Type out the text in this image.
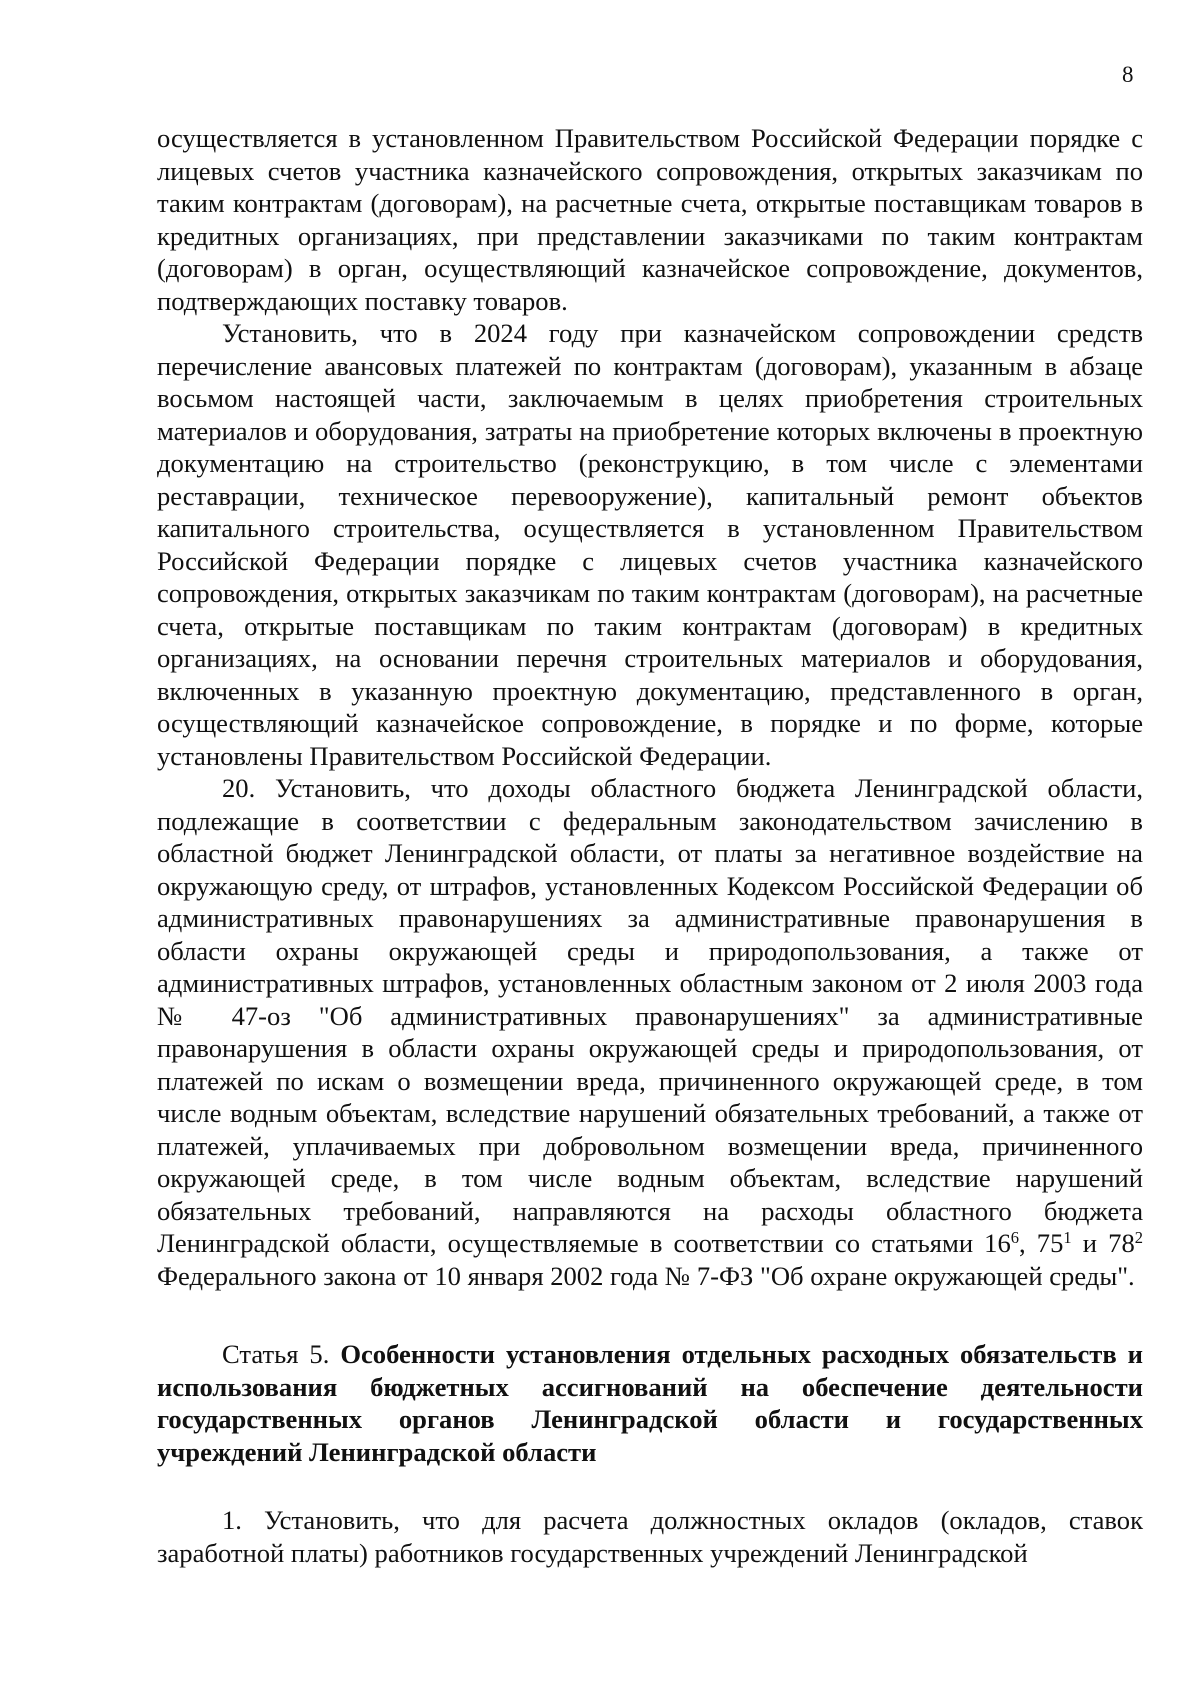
8

осуществляется в установленном Правительством Российской Федерации порядке с лицевых счетов участника казначейского сопровождения, открытых заказчикам по таким контрактам (договорам), на расчетные счета, открытые поставщикам товаров в кредитных организациях, при представлении заказчиками по таким контрактам (договорам) в орган, осуществляющий казначейское сопровождение, документов, подтверждающих поставку товаров.

Установить, что в 2024 году при казначейском сопровождении средств перечисление авансовых платежей по контрактам (договорам), указанным в абзаце восьмом настоящей части, заключаемым в целях приобретения строительных материалов и оборудования, затраты на приобретение которых включены в проектную документацию на строительство (реконструкцию, в том числе с элементами реставрации, техническое перевооружение), капитальный ремонт объектов капитального строительства, осуществляется в установленном Правительством Российской Федерации порядке с лицевых счетов участника казначейского сопровождения, открытых заказчикам по таким контрактам (договорам), на расчетные счета, открытые поставщикам по таким контрактам (договорам) в кредитных организациях, на основании перечня строительных материалов и оборудования, включенных в указанную проектную документацию, представленного в орган, осуществляющий казначейское сопровождение, в порядке и по форме, которые установлены Правительством Российской Федерации.

20. Установить, что доходы областного бюджета Ленинградской области, подлежащие в соответствии с федеральным законодательством зачислению в областной бюджет Ленинградской области, от платы за негативное воздействие на окружающую среду, от штрафов, установленных Кодексом Российской Федерации об административных правонарушениях за административные правонарушения в области охраны окружающей среды и природопользования, а также от административных штрафов, установленных областным законом от 2 июля 2003 года № 47-оз "Об административных правонарушениях" за административные правонарушения в области охраны окружающей среды и природопользования, от платежей по искам о возмещении вреда, причиненного окружающей среде, в том числе водным объектам, вследствие нарушений обязательных требований, а также от платежей, уплачиваемых при добровольном возмещении вреда, причиненного окружающей среде, в том числе водным объектам, вследствие нарушений обязательных требований, направляются на расходы областного бюджета Ленинградской области, осуществляемые в соответствии со статьями $16^6$, $75^1$ и $78^2$ Федерального закона от 10 января 2002 года № 7-ФЗ "Об охране окружающей среды".

Статья 5. Особенности установления отдельных расходных обязательств и использования бюджетных ассигнований на обеспечение деятельности государственных органов Ленинградской области и государственных учреждений Ленинградской области

1. Установить, что для расчета должностных окладов (окладов, ставок заработной платы) работников государственных учреждений Ленинградской
